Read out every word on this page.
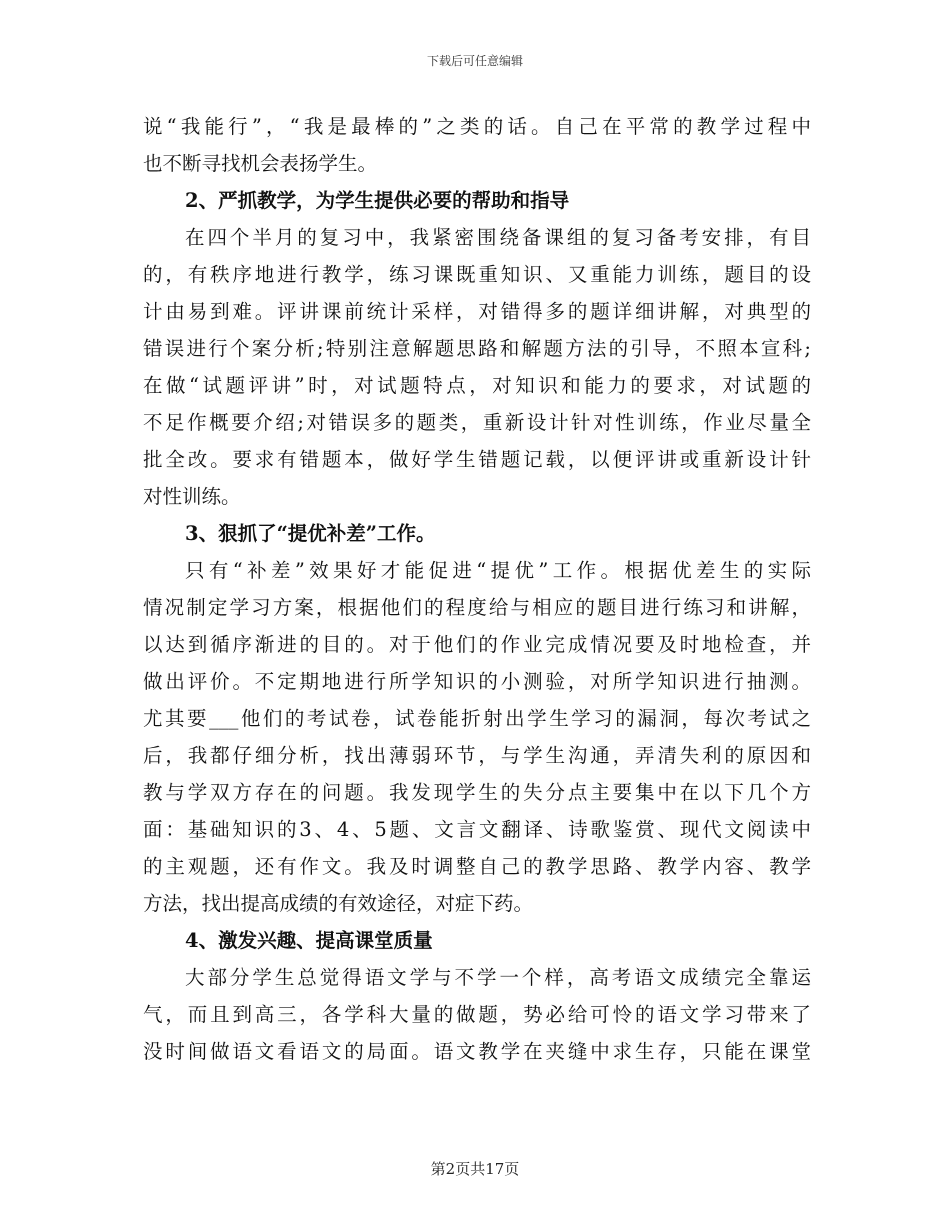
下载后可任意编辑
说“我能行”，“我是最棒的”之类的话。自己在平常的教学过程中
也不断寻找机会表扬学生。
2、严抓教学，为学生提供必要的帮助和指导
在四个半月的复习中，我紧密围绕备课组的复习备考安排，有目
的，有秩序地进行教学，练习课既重知识、又重能力训练，题目的设
计由易到难。评讲课前统计采样，对错得多的题详细讲解，对典型的
错误进行个案分析;特别注意解题思路和解题方法的引导，不照本宣科;
在做“试题评讲”时，对试题特点，对知识和能力的要求，对试题的
不足作概要介绍;对错误多的题类，重新设计针对性训练，作业尽量全
批全改。要求有错题本，做好学生错题记载，以便评讲或重新设计针
对性训练。
3、狠抓了“提优补差”工作。
只有“补差”效果好才能促进“提优”工作。根据优差生的实际
情况制定学习方案，根据他们的程度给与相应的题目进行练习和讲解，
以达到循序渐进的目的。对于他们的作业完成情况要及时地检查，并
做出评价。不定期地进行所学知识的小测验，对所学知识进行抽测。
尤其要___他们的考试卷，试卷能折射出学生学习的漏洞，每次考试之
后，我都仔细分析，找出薄弱环节，与学生沟通，弄清失利的原因和
教与学双方存在的问题。我发现学生的失分点主要集中在以下几个方
面：基础知识的3、4、5题、文言文翻译、诗歌鉴赏、现代文阅读中
的主观题，还有作文。我及时调整自己的教学思路、教学内容、教学
方法，找出提高成绩的有效途径，对症下药。
4、激发兴趣、提高课堂质量
大部分学生总觉得语文学与不学一个样，高考语文成绩完全靠运
气，而且到高三，各学科大量的做题，势必给可怜的语文学习带来了
没时间做语文看语文的局面。语文教学在夹缝中求生存，只能在课堂
第2页共17页
